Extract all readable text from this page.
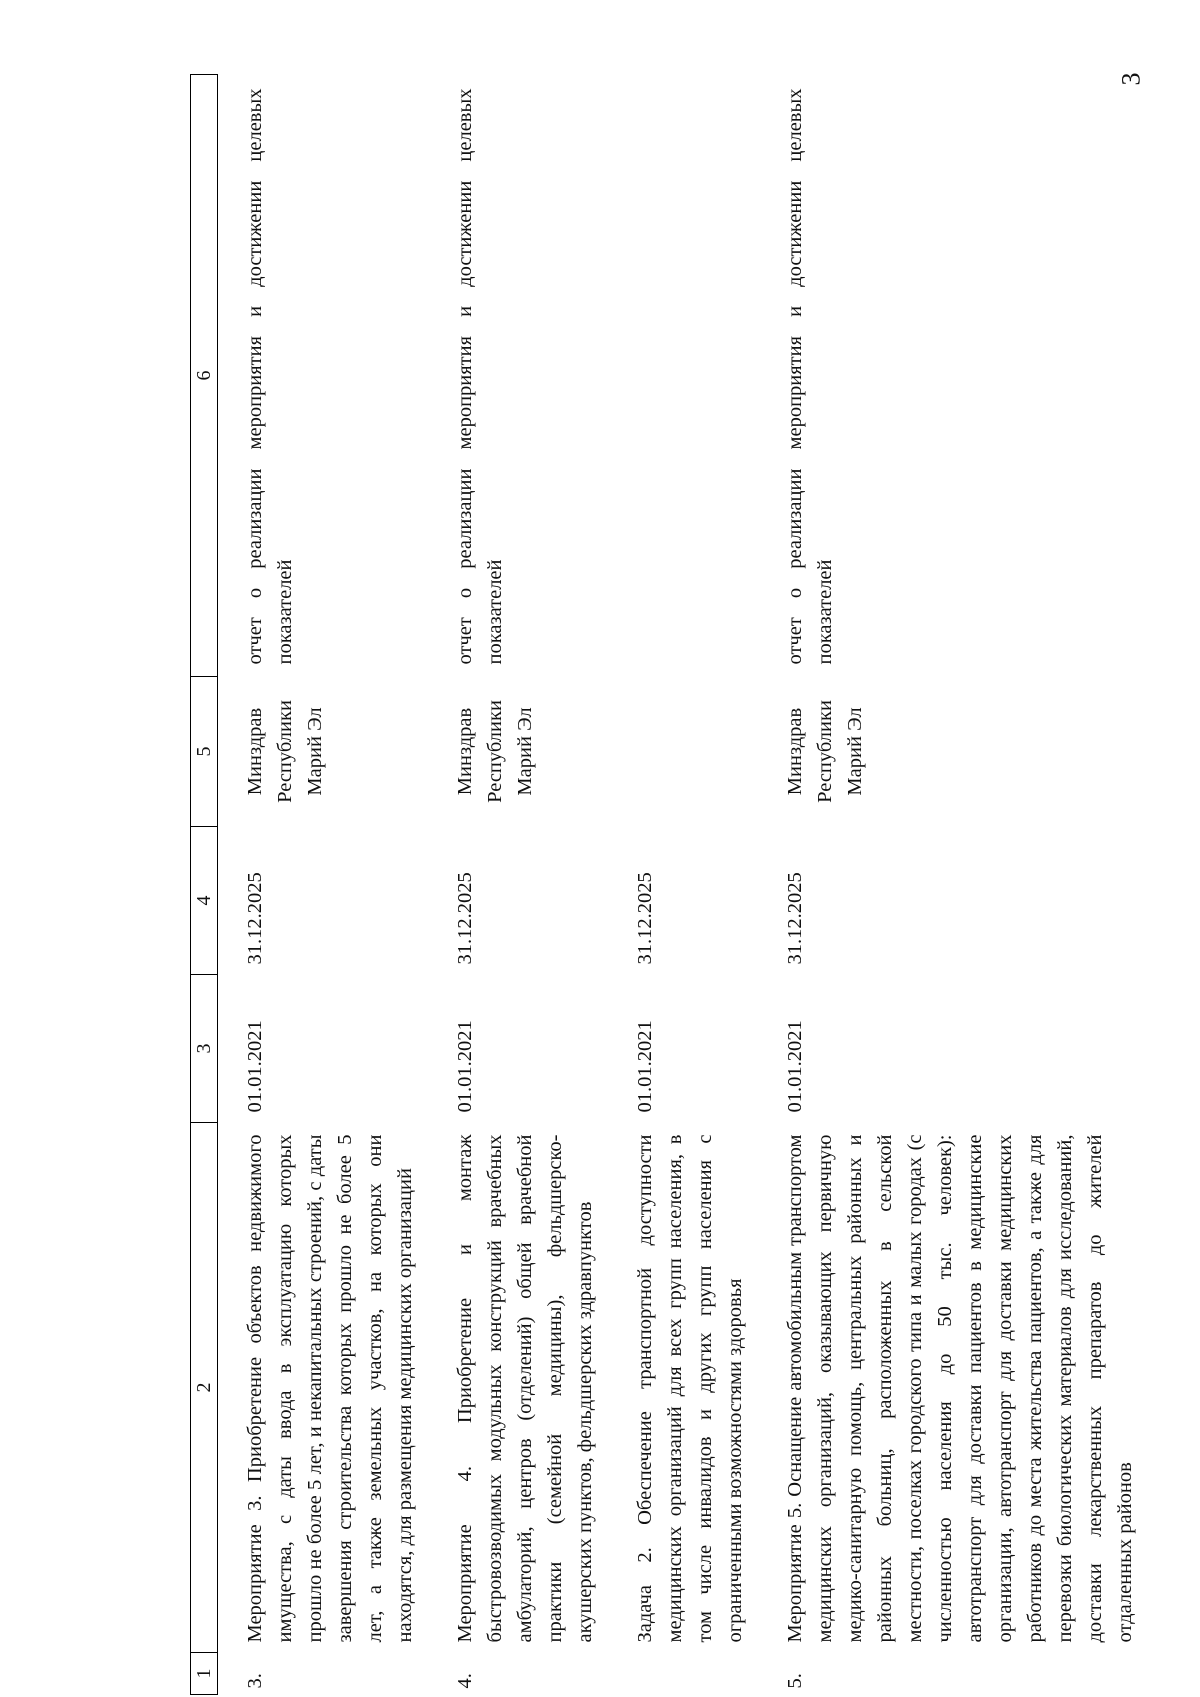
3
1	2	3	4	5	6
3.	Мероприятие 3. Приобретение объектов недвижимого имущества, с даты ввода в эксплуатацию которых прошло не более 5 лет, и некапитальных строений, с даты завершения строительства которых прошло не более 5 лет, а также земельных участков, на которых они находятся, для размещения медицинских организаций	01.01.2021	31.12.2025	Минздрав Республики Марий Эл	отчет о реализации мероприятия и достижении целевых показателей
4.	Мероприятие 4. Приобретение и монтаж быстровозводимых модульных конструкций врачебных амбулаторий, центров (отделений) общей врачебной практики (семейной медицины), фельдшерско-акушерских пунктов, фельдшерских здравпунктов	01.01.2021	31.12.2025	Минздрав Республики Марий Эл	отчет о реализации мероприятия и достижении целевых показателей
	Задача 2. Обеспечение транспортной доступности медицинских организаций для всех групп населения, в том числе инвалидов и других групп населения с ограниченными возможностями здоровья	01.01.2021	31.12.2025		
5.	Мероприятие 5. Оснащение автомобильным транспортом медицинских организаций, оказывающих первичную медико-санитарную помощь, центральных районных и районных больниц, расположенных в сельской местности, поселках городского типа и малых городах (с численностью населения до 50 тыс. человек): автотранспорт для доставки пациентов в медицинские организации, автотранспорт для доставки медицинских работников до места жительства пациентов, а также для перевозки биологических материалов для исследований, доставки лекарственных препаратов до жителей отдаленных районов	01.01.2021	31.12.2025	Минздрав Республики Марий Эл	отчет о реализации мероприятия и достижении целевых показателей
